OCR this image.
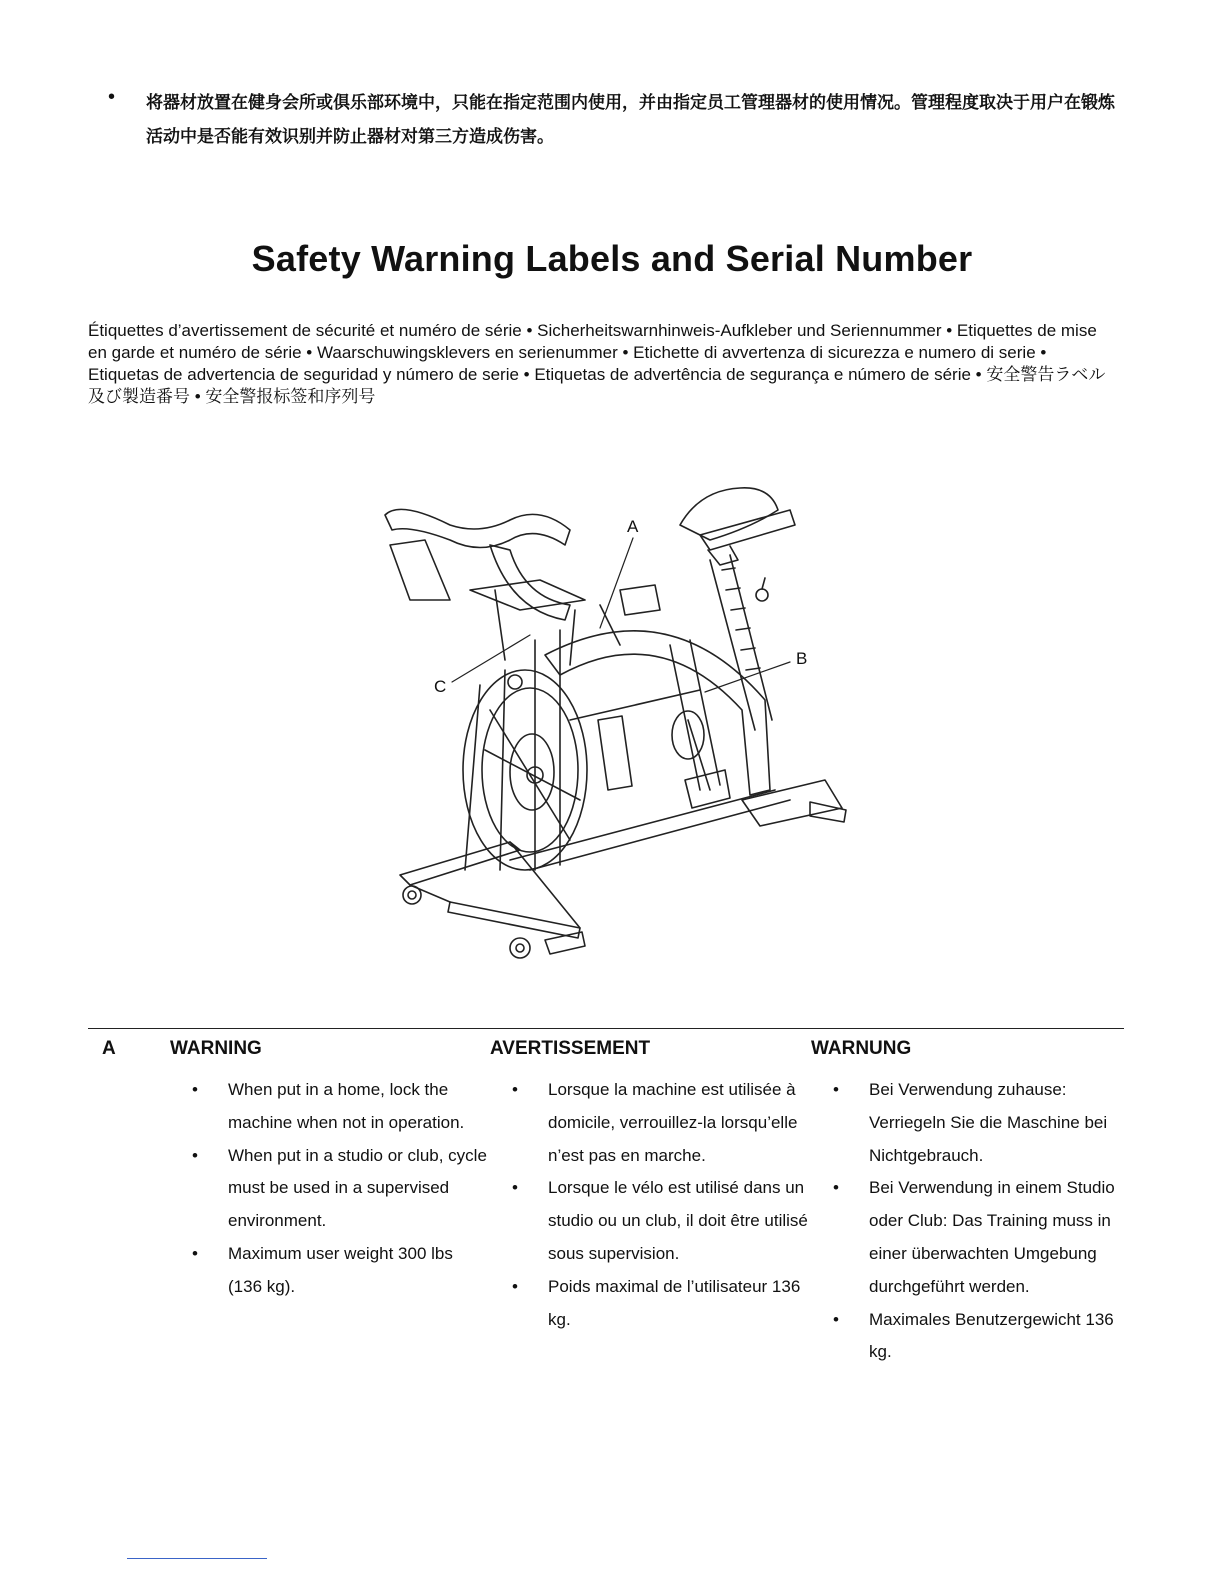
• 将器材放置在健身会所或俱乐部环境中，只能在指定范围内使用，并由指定员工管理器材的使用情况。管理程度取决于用户在锻炼活动中是否能有效识别并防止器材对第三方造成伤害。
Safety Warning Labels and Serial Number
Étiquettes d’avertissement de sécurité et numéro de série • Sicherheitswarnhinweis-Aufkleber und Seriennummer • Etiquettes de mise en garde et numéro de série • Waarschuwingsklevers en serienummer • Etichette di avvertenza di sicurezza e numero di serie • Etiquetas de advertencia de seguridad y número de serie • Etiquetas de advertência de segurança e número de série • 安全警告ラベル及び製造番号 • 安全警报标签和序列号
A
B
C
A	WARNING
• When put in a home, lock the machine when not in operation.
• When put in a studio or club, cycle must be used in a supervised environment.
• Maximum user weight 300 lbs (136 kg).
AVERTISSEMENT
• Lorsque la machine est utilisée à domicile, verrouillez-la lorsqu’elle n’est pas en marche.
• Lorsque le vélo est utilisé dans un studio ou un club, il doit être utilisé sous supervision.
• Poids maximal de l’utilisateur 136 kg.
WARNUNG
• Bei Verwendung zuhause: Verriegeln Sie die Maschine bei Nichtgebrauch.
• Bei Verwendung in einem Studio oder Club: Das Training muss in einer überwachten Umgebung durchgeführt werden.
• Maximales Benutzergewicht 136 kg.
